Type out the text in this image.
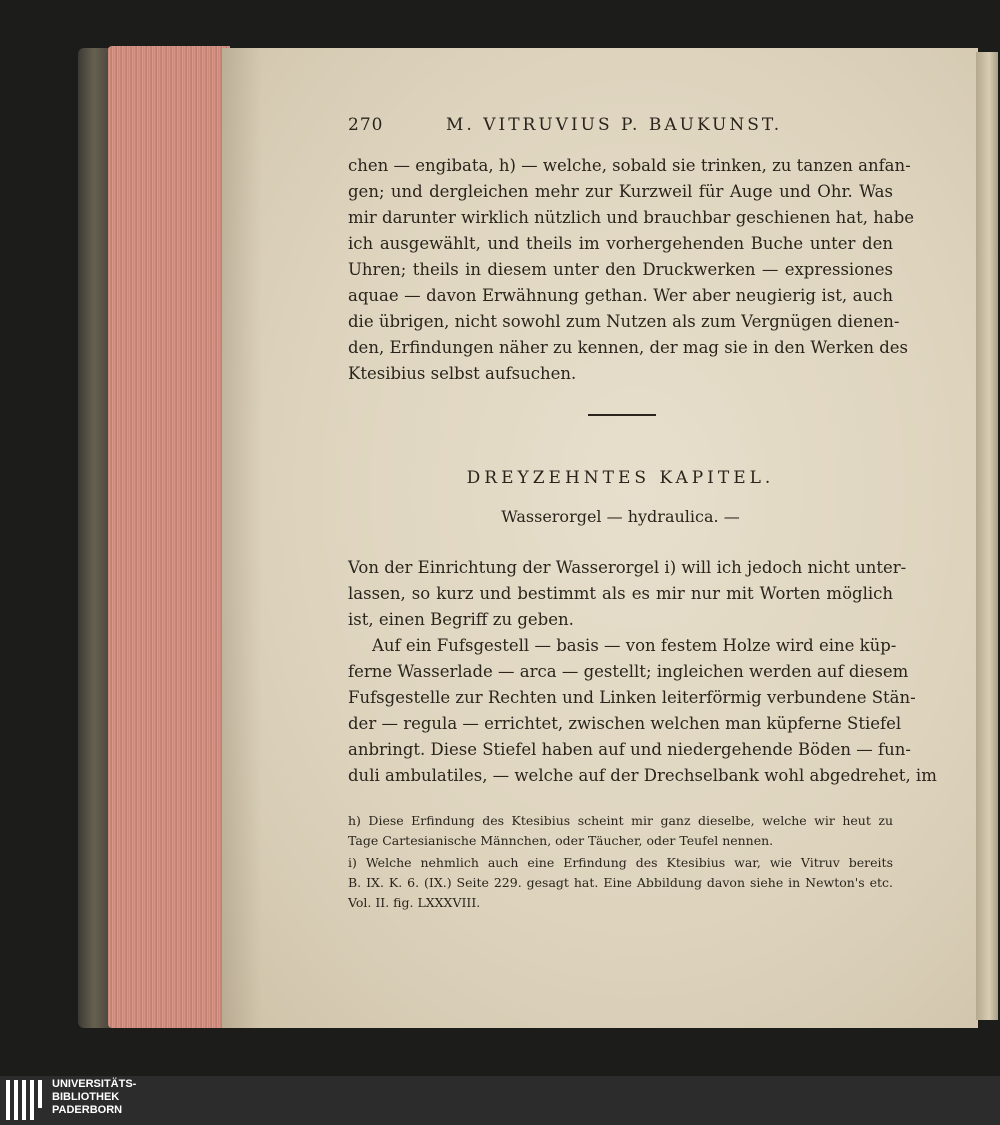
270	M. VITRUVIUS P. BAUKUNST.
chen — engibata, h) — welche, sobald sie trinken, zu tanzen anfan-
gen; und dergleichen mehr zur Kurzweil für Auge und Ohr. Was
mir darunter wirklich nützlich und brauchbar geschienen hat, habe
ich ausgewählt, und theils im vorhergehenden Buche unter den
Uhren; theils in diesem unter den Druckwerken — expressiones
aquae — davon Erwähnung gethan. Wer aber neugierig ist, auch
die übrigen, nicht sowohl zum Nutzen als zum Vergnügen dienen-
den, Erfindungen näher zu kennen, der mag sie in den Werken des
Ktesibius selbst aufsuchen.
DREYZEHNTES KAPITEL.
Wasserorgel — hydraulica. —
Von der Einrichtung der Wasserorgel i) will ich jedoch nicht unter-
lassen, so kurz und bestimmt als es mir nur mit Worten möglich
ist, einen Begriff zu geben.
Auf ein Fufsgestell — basis — von festem Holze wird eine küp-
ferne Wasserlade — arca — gestellt; ingleichen werden auf diesem
Fufsgestelle zur Rechten und Linken leiterförmig verbundene Stän-
der — regula — errichtet, zwischen welchen man küpferne Stiefel
anbringt. Diese Stiefel haben auf und niedergehende Böden — fun-
duli ambulatiles, — welche auf der Drechselbank wohl abgedrehet, im
h) Diese Erfindung des Ktesibius scheint mir ganz dieselbe, welche wir heut zu
Tage Cartesianische Männchen, oder Täucher, oder Teufel nennen.
i) Welche nehmlich auch eine Erfindung des Ktesibius war, wie Vitruv bereits
B. IX. K. 6. (IX.) Seite 229. gesagt hat. Eine Abbildung davon siehe in Newton's etc.
Vol. II. fig. LXXXVIII.
UNIVERSITÄTS-
BIBLIOTHEK
PADERBORN
